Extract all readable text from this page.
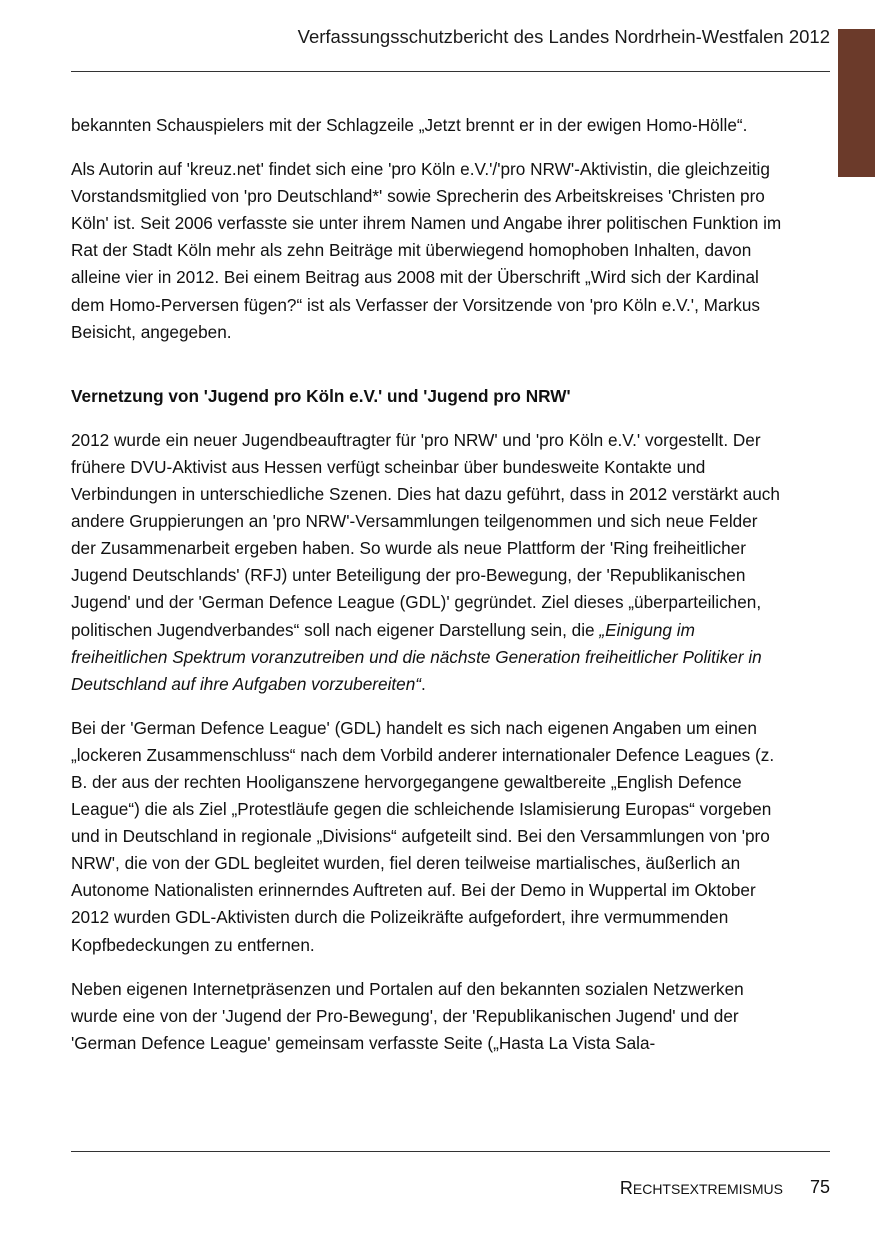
Verfassungsschutzbericht des Landes Nordrhein-Westfalen 2012

bekannten Schauspielers mit der Schlagzeile „Jetzt brennt er in der ewigen Homo-Hölle“.

Als Autorin auf 'kreuz.net' findet sich eine 'pro Köln e.V.'/'pro NRW'-Aktivistin, die gleichzeitig Vorstandsmitglied von 'pro Deutschland*' sowie Sprecherin des Arbeitskreises 'Christen pro Köln' ist. Seit 2006 verfasste sie unter ihrem Namen und Angabe ihrer politischen Funktion im Rat der Stadt Köln mehr als zehn Beiträge mit überwiegend homophoben Inhalten, davon alleine vier in 2012. Bei einem Beitrag aus 2008 mit der Überschrift „Wird sich der Kardinal dem Homo-Perversen fügen?“ ist als Verfasser der Vorsitzende von 'pro Köln e.V.', Markus Beisicht, angegeben.

Vernetzung von 'Jugend pro Köln e.V.' und 'Jugend pro NRW'

2012 wurde ein neuer Jugendbeauftragter für 'pro NRW' und 'pro Köln e.V.' vorgestellt. Der frühere DVU-Aktivist aus Hessen verfügt scheinbar über bundesweite Kontakte und Verbindungen in unterschiedliche Szenen. Dies hat dazu geführt, dass in 2012 verstärkt auch andere Gruppierungen an 'pro NRW'-Versammlungen teilgenommen und sich neue Felder der Zusammenarbeit ergeben haben. So wurde als neue Plattform der 'Ring freiheitlicher Jugend Deutschlands' (RFJ) unter Beteiligung der pro-Bewegung, der 'Republikanischen Jugend' und der 'German Defence League (GDL)' gegründet. Ziel dieses „überparteilichen, politischen Jugendverbandes“ soll nach eigener Darstellung sein, die „Einigung im freiheitlichen Spektrum voranzutreiben und die nächste Generation freiheitlicher Politiker in Deutschland auf ihre Aufgaben vorzubereiten“.

Bei der 'German Defence League' (GDL) handelt es sich nach eigenen Angaben um einen „lockeren Zusammenschluss“ nach dem Vorbild anderer internationaler Defence Leagues (z. B. der aus der rechten Hooliganszene hervorgegangene gewaltbereite „English Defence League“) die als Ziel „Protestläufe gegen die schleichende Islamisierung Europas“ vorgeben und in Deutschland in regionale „Divisions“ aufgeteilt sind. Bei den Versammlungen von 'pro NRW', die von der GDL begleitet wurden, fiel deren teilweise martialisches, äußerlich an Autonome Nationalisten erinnerndes Auftreten auf. Bei der Demo in Wuppertal im Oktober 2012 wurden GDL-Aktivisten durch die Polizeikräfte aufgefordert, ihre vermummenden Kopfbedeckungen zu entfernen.

Neben eigenen Internetpräsenzen und Portalen auf den bekannten sozialen Netzwerken wurde eine von der 'Jugend der Pro-Bewegung', der 'Republikanischen Jugend' und der 'German Defence League' gemeinsam verfasste Seite („Hasta La Vista Sala-

RECHTSEXTREMISMUS 75
